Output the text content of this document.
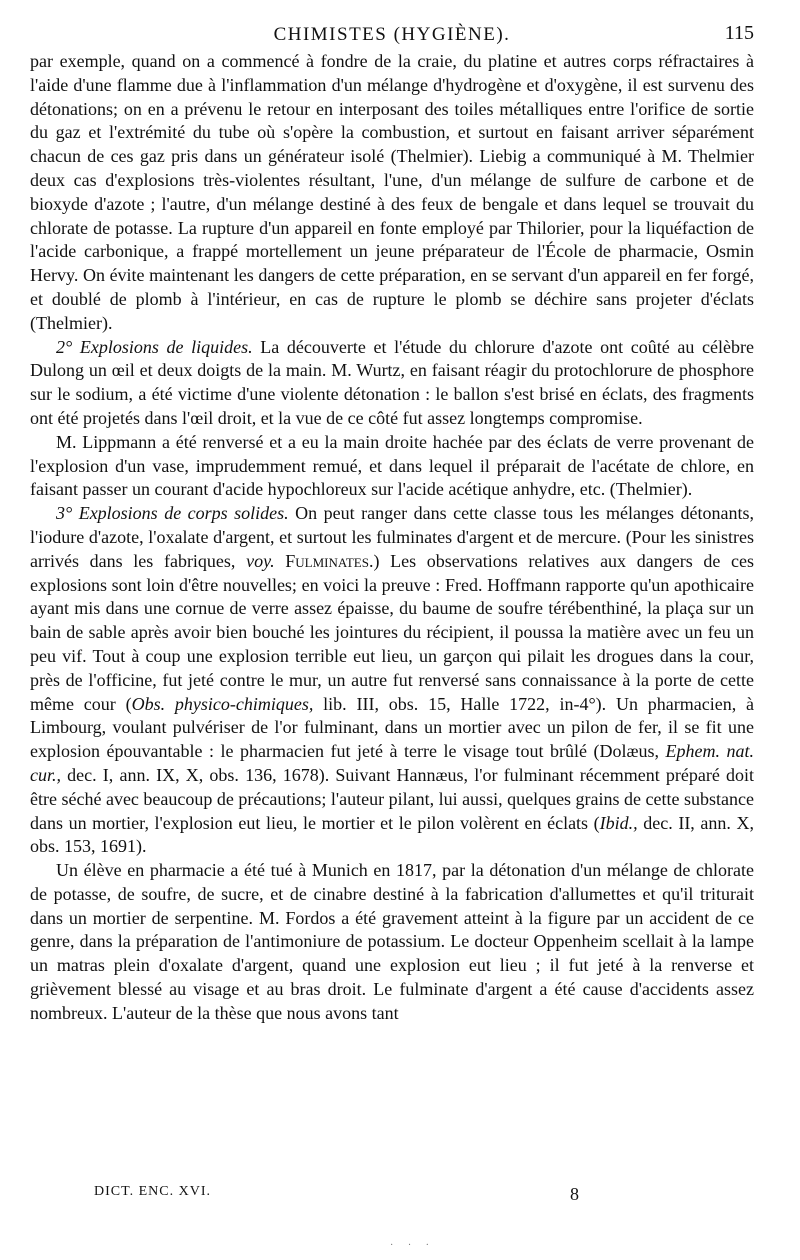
CHIMISTES (HYGIÈNE).	115

par exemple, quand on a commencé à fondre de la craie, du platine et autres corps réfractaires à l'aide d'une flamme due à l'inflammation d'un mélange d'hydrogène et d'oxygène, il est survenu des détonations; on en a prévenu le retour en interposant des toiles métalliques entre l'orifice de sortie du gaz et l'extrémité du tube où s'opère la combustion, et surtout en faisant arriver séparément chacun de ces gaz pris dans un générateur isolé (Thelmier). Liebig a communiqué à M. Thelmier deux cas d'explosions très-violentes résultant, l'une, d'un mélange de sulfure de carbone et de bioxyde d'azote ; l'autre, d'un mélange destiné à des feux de bengale et dans lequel se trouvait du chlorate de potasse. La rupture d'un appareil en fonte employé par Thilorier, pour la liquéfaction de l'acide carbonique, a frappé mortellement un jeune préparateur de l'École de pharmacie, Osmin Hervy. On évite maintenant les dangers de cette préparation, en se servant d'un appareil en fer forgé, et doublé de plomb à l'intérieur, en cas de rupture le plomb se déchire sans projeter d'éclats (Thelmier).

2° Explosions de liquides. La découverte et l'étude du chlorure d'azote ont coûté au célèbre Dulong un œil et deux doigts de la main. M. Wurtz, en faisant réagir du protochlorure de phosphore sur le sodium, a été victime d'une violente détonation : le ballon s'est brisé en éclats, des fragments ont été projetés dans l'œil droit, et la vue de ce côté fut assez longtemps compromise.

M. Lippmann a été renversé et a eu la main droite hachée par des éclats de verre provenant de l'explosion d'un vase, imprudemment remué, et dans lequel il préparait de l'acétate de chlore, en faisant passer un courant d'acide hypochloreux sur l'acide acétique anhydre, etc. (Thelmier).

3° Explosions de corps solides. On peut ranger dans cette classe tous les mélanges détonants, l'iodure d'azote, l'oxalate d'argent, et surtout les fulminates d'argent et de mercure. (Pour les sinistres arrivés dans les fabriques, voy. Fulminates.) Les observations relatives aux dangers de ces explosions sont loin d'être nouvelles; en voici la preuve : Fred. Hoffmann rapporte qu'un apothicaire ayant mis dans une cornue de verre assez épaisse, du baume de soufre térébenthiné, la plaça sur un bain de sable après avoir bien bouché les jointures du récipient, il poussa la matière avec un feu un peu vif. Tout à coup une explosion terrible eut lieu, un garçon qui pilait les drogues dans la cour, près de l'officine, fut jeté contre le mur, un autre fut renversé sans connaissance à la porte de cette même cour (Obs. physico-chimiques, lib. III, obs. 15, Halle 1722, in-4°). Un pharmacien, à Limbourg, voulant pulvériser de l'or fulminant, dans un mortier avec un pilon de fer, il se fit une explosion épouvantable : le pharmacien fut jeté à terre le visage tout brûlé (Dolæus, Ephem. nat. cur., dec. I, ann. IX, X, obs. 136, 1678). Suivant Hannæus, l'or fulminant récemment préparé doit être séché avec beaucoup de précautions; l'auteur pilant, lui aussi, quelques grains de cette substance dans un mortier, l'explosion eut lieu, le mortier et le pilon volèrent en éclats (Ibid., dec. II, ann. X, obs. 153, 1691).

Un élève en pharmacie a été tué à Munich en 1817, par la détonation d'un mélange de chlorate de potasse, de soufre, de sucre, et de cinabre destiné à la fabrication d'allumettes et qu'il triturait dans un mortier de serpentine. M. Fordos a été gravement atteint à la figure par un accident de ce genre, dans la préparation de l'antimoniure de potassium. Le docteur Oppenheim scellait à la lampe un matras plein d'oxalate d'argent, quand une explosion eut lieu ; il fut jeté à la renverse et grièvement blessé au visage et au bras droit. Le fulminate d'argent a été cause d'accidents assez nombreux. L'auteur de la thèse que nous avons tant

DICT. ENC. XVI.	8
· · ·
